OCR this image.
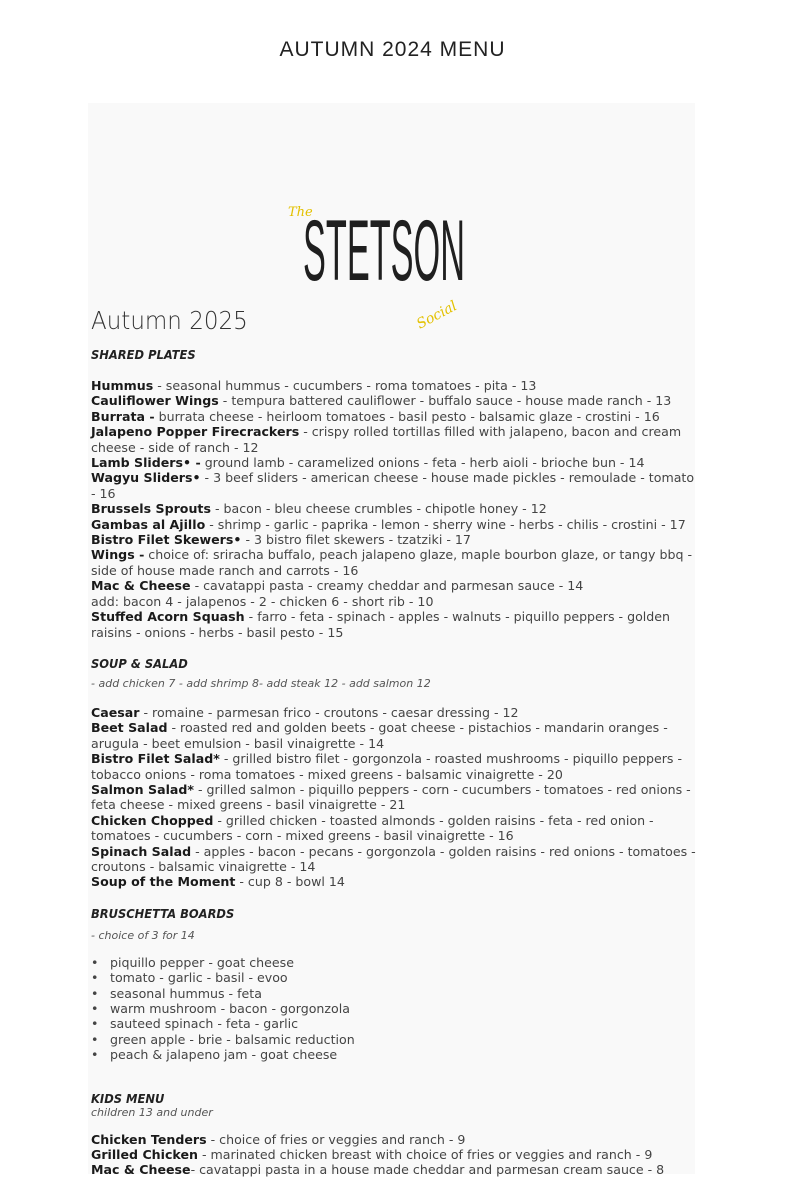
AUTUMN 2024 MENU
The
STETSON
Social
Autumn 2025
SHARED PLATES
Hummus - seasonal hummus - cucumbers - roma tomatoes - pita - 13
Cauliflower Wings - tempura battered cauliflower - buffalo sauce - house made ranch - 13
Burrata - burrata cheese - heirloom tomatoes - basil pesto - balsamic glaze - crostini - 16
Jalapeno Popper Firecrackers - crispy rolled tortillas filled with jalapeno, bacon and cream cheese - side of ranch - 12
Lamb Sliders• - ground lamb - caramelized onions - feta - herb aioli - brioche bun - 14
Wagyu Sliders• - 3 beef sliders - american cheese - house made pickles - remoulade - tomato - 16
Brussels Sprouts - bacon - bleu cheese crumbles - chipotle honey - 12
Gambas al Ajillo - shrimp - garlic - paprika - lemon - sherry wine - herbs - chilis - crostini - 17
Bistro Filet Skewers• - 3 bistro filet skewers - tzatziki - 17
Wings - choice of: sriracha buffalo, peach jalapeno glaze, maple bourbon glaze, or tangy bbq - side of house made ranch and carrots - 16
Mac & Cheese - cavatappi pasta - creamy cheddar and parmesan sauce - 14
add: bacon 4 - jalapenos - 2 - chicken 6 - short rib - 10
Stuffed Acorn Squash - farro - feta - spinach - apples - walnuts - piquillo peppers - golden raisins - onions - herbs - basil pesto - 15
SOUP & SALAD
- add chicken 7 - add shrimp 8- add steak 12 - add salmon 12
Caesar - romaine - parmesan frico - croutons - caesar dressing - 12
Beet Salad - roasted red and golden beets - goat cheese - pistachios - mandarin oranges - arugula - beet emulsion - basil vinaigrette - 14
Bistro Filet Salad* - grilled bistro filet - gorgonzola - roasted mushrooms - piquillo peppers - tobacco onions - roma tomatoes - mixed greens - balsamic vinaigrette - 20
Salmon Salad* - grilled salmon - piquillo peppers - corn - cucumbers - tomatoes - red onions - feta cheese - mixed greens - basil vinaigrette - 21
Chicken Chopped - grilled chicken - toasted almonds - golden raisins - feta - red onion - tomatoes - cucumbers - corn - mixed greens - basil vinaigrette - 16
Spinach Salad - apples - bacon - pecans - gorgonzola - golden raisins - red onions - tomatoes - croutons - balsamic vinaigrette - 14
Soup of the Moment - cup 8 - bowl 14
BRUSCHETTA BOARDS
- choice of 3 for 14
• piquillo pepper - goat cheese
• tomato - garlic - basil - evoo
• seasonal hummus - feta
• warm mushroom - bacon - gorgonzola
• sauteed spinach - feta - garlic
• green apple - brie - balsamic reduction
• peach & jalapeno jam - goat cheese
KIDS MENU
children 13 and under
Chicken Tenders - choice of fries or veggies and ranch - 9
Grilled Chicken - marinated chicken breast with choice of fries or veggies and ranch - 9
Mac & Cheese- cavatappi pasta in a house made cheddar and parmesan cream sauce - 8
